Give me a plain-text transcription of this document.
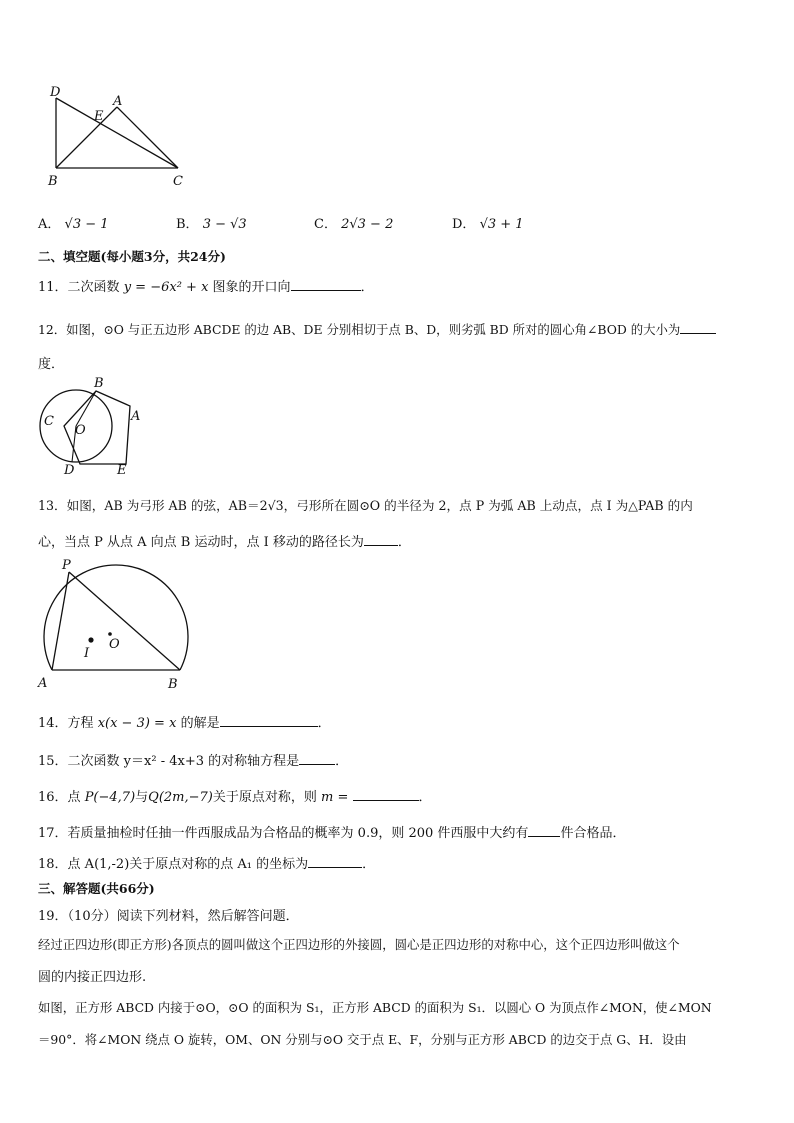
D
A
E
B	C
A． √3 − 1	B． 3 − √3	C． 2√3 − 2	D． √3 + 1
二、填空题(每小题3分，共24分)
11．二次函数 y = −6x² + x 图象的开口向	．
12．如图，⊙O 与正五边形 ABCDE 的边 AB、DE 分别相切于点 B、D，则劣弧 BD 所对的圆心角∠BOD 的大小为
度．
B
A
C
O
D	E
13．如图，AB 为弓形 AB 的弦，AB＝2√3，弓形所在圆⊙O 的半径为 2，点 P 为弧 AB 上动点，点 I 为△PAB 的内
心，当点 P 从点 A 向点 B 运动时，点 I 移动的路径长为	．
P
O
I
A	B
14．方程 x(x − 3) = x 的解是	．
15．二次函数 y＝x² - 4x+3 的对称轴方程是	．
16．点 P(−4,7)与Q(2m,−7)关于原点对称，则 m =	．
17．若质量抽检时任抽一件西服成品为合格品的概率为 0.9，则 200 件西服中大约有 件合格品．
18．点 A(1,-2)关于原点对称的点 A₁ 的坐标为	．
三、解答题(共66分)
19．（10分）阅读下列材料，然后解答问题．
经过正四边形(即正方形)各顶点的圆叫做这个正四边形的外接圆，圆心是正四边形的对称中心，这个正四边形叫做这个
圆的内接正四边形.
如图，正方形 ABCD 内接于⊙O，⊙O 的面积为 S₁，正方形 ABCD 的面积为 S₁．以圆心 O 为顶点作∠MON，使∠MON
＝90°．将∠MON 绕点 O 旋转，OM、ON 分别与⊙O 交于点 E、F，分别与正方形 ABCD 的边交于点 G、H．设由
